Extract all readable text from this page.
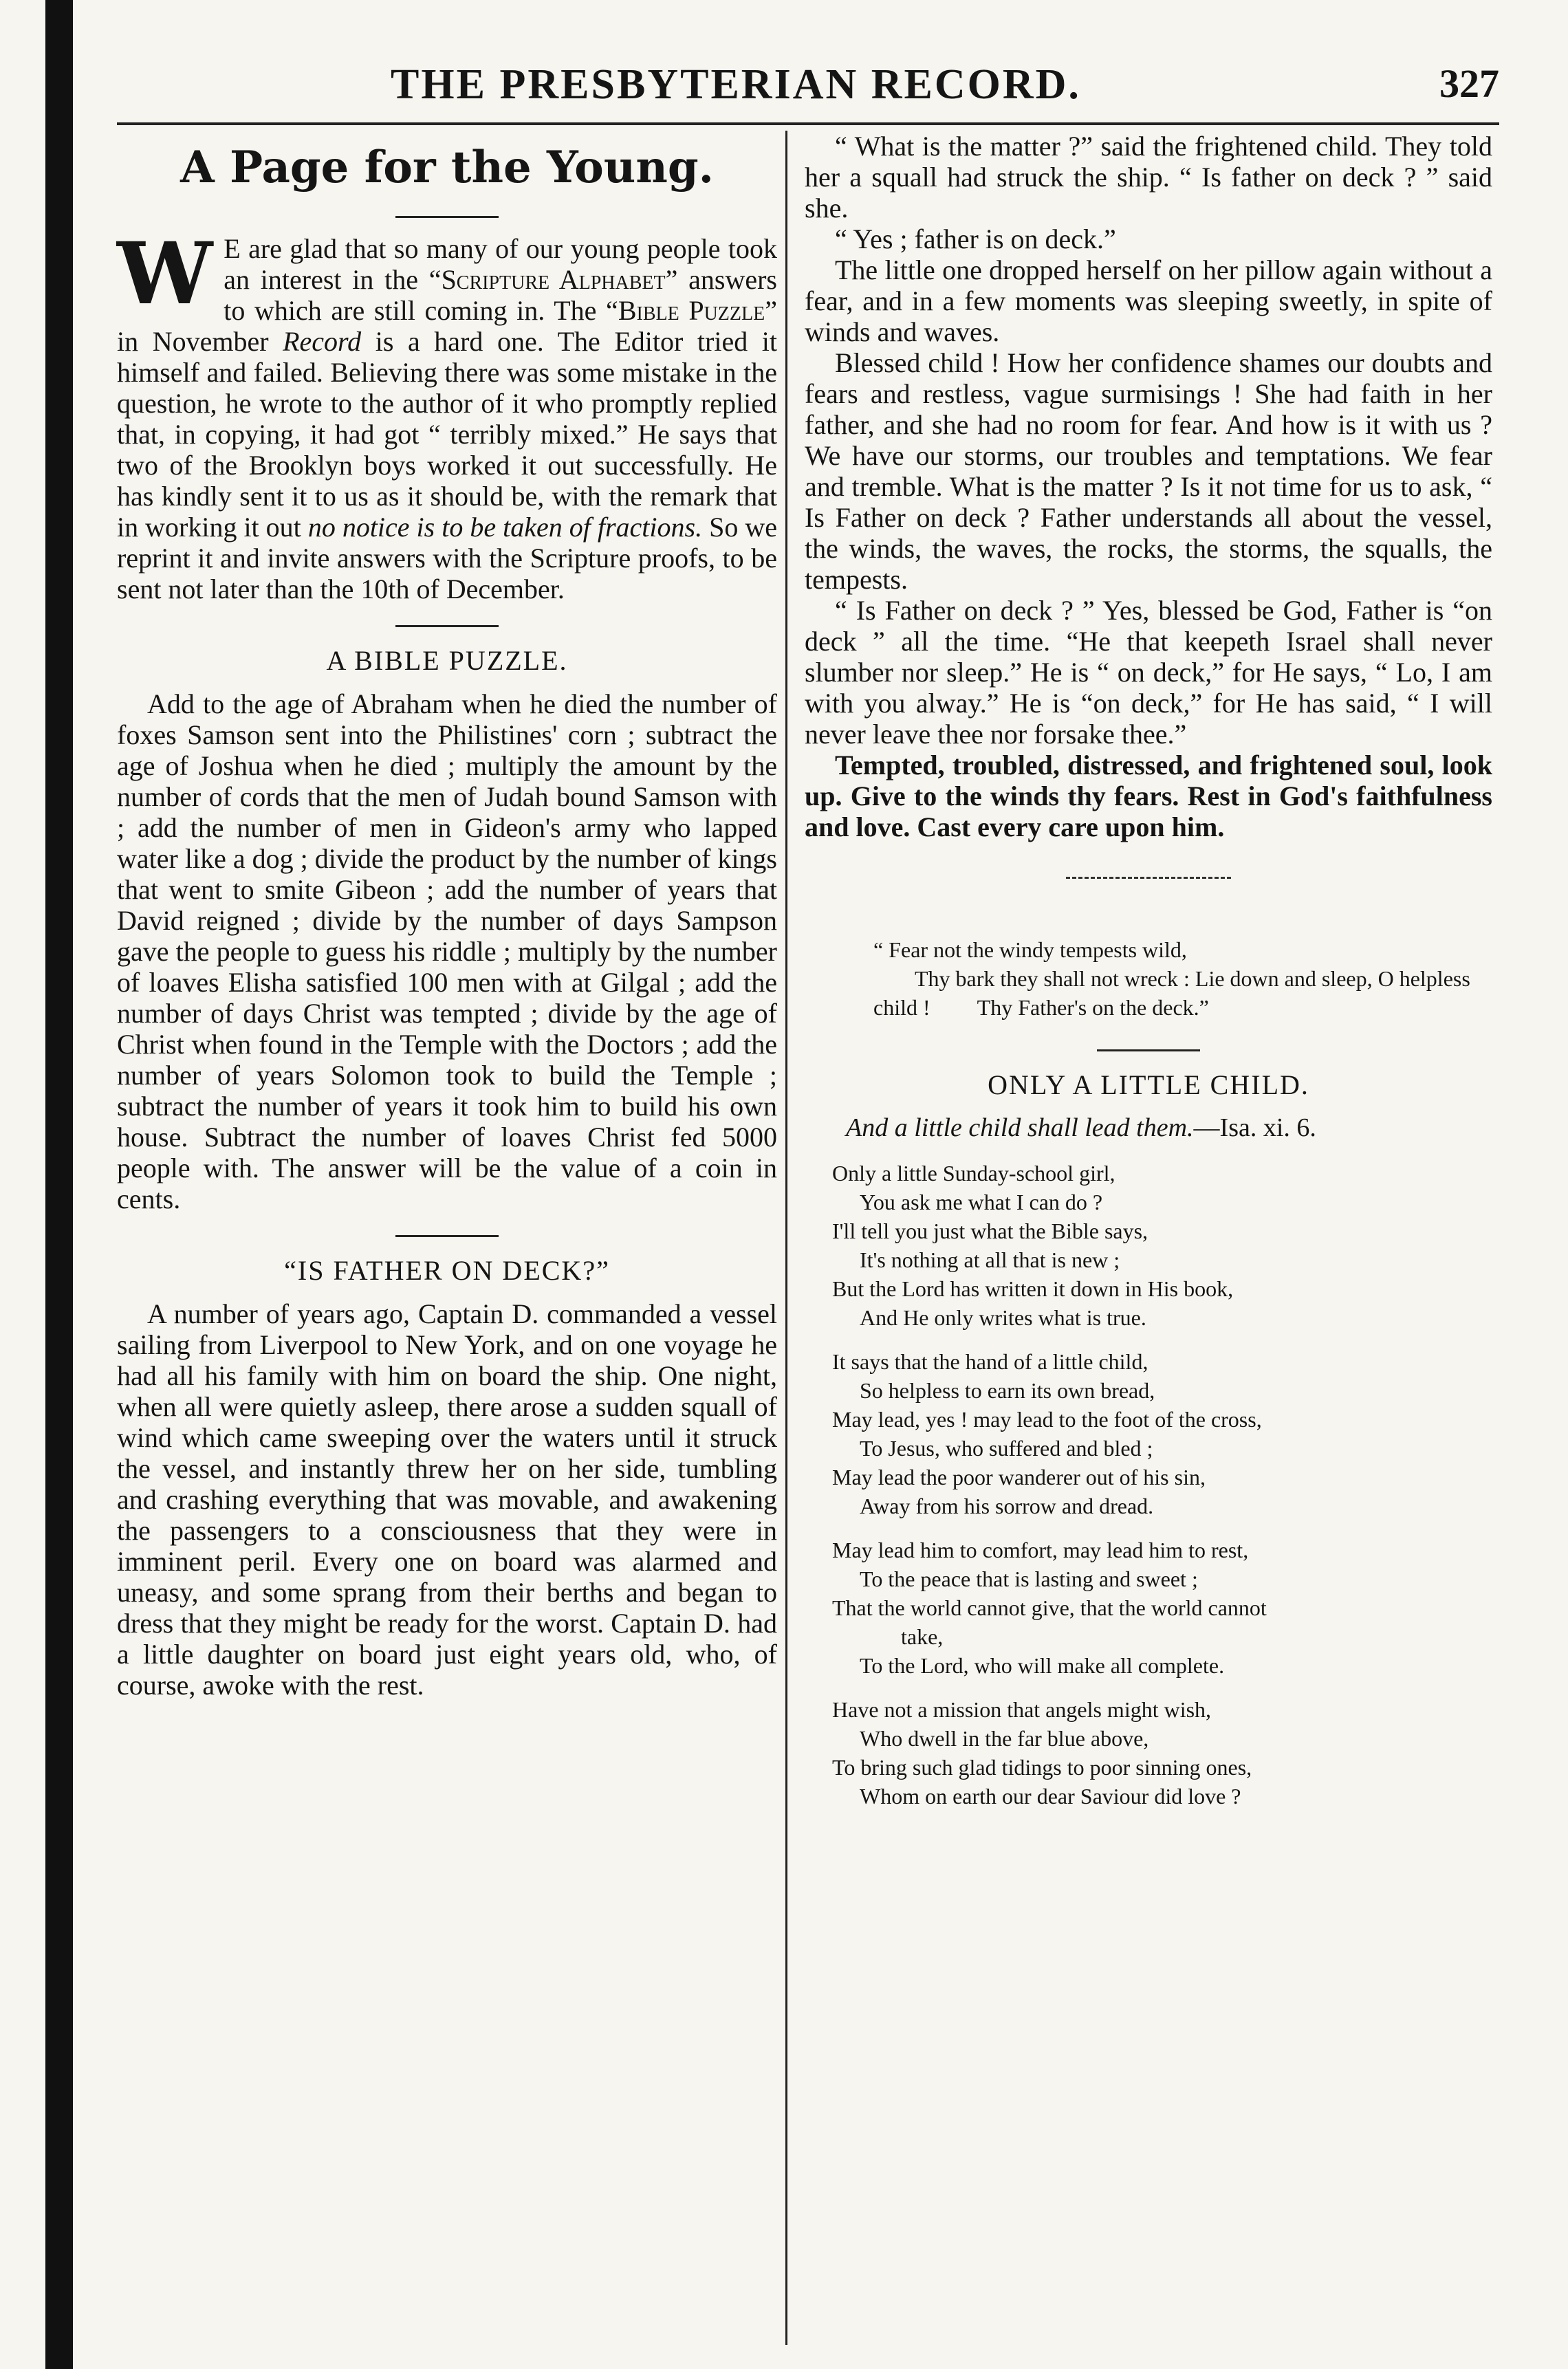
THE PRESBYTERIAN RECORD.	327
A Page for the Young.

W E are glad that so many of our young people took an interest in the “Scripture Alphabet” answers to which are still coming in. The “Bible Puzzle” in November Record is a hard one. The Editor tried it himself and failed. Believing there was some mistake in the question, he wrote to the author of it who promptly replied that, in copying, it had got “ terribly mixed.” He says that two of the Brooklyn boys worked it out successfully. He has kindly sent it to us as it should be, with the remark that in working it out no notice is to be taken of fractions. So we reprint it and invite answers with the Scripture proofs, to be sent not later than the 10th of December.

A BIBLE PUZZLE.

Add to the age of Abraham when he died the number of foxes Samson sent into the Philistines' corn ; subtract the age of Joshua when he died ; multiply the amount by the number of cords that the men of Judah bound Samson with ; add the number of men in Gideon's army who lapped water like a dog ; divide the product by the number of kings that went to smite Gibeon ; add the number of years that David reigned ; divide by the number of days Sampson gave the people to guess his riddle ; multiply by the number of loaves Elisha satisfied 100 men with at Gilgal ; add the number of days Christ was tempted ; divide by the age of Christ when found in the Temple with the Doctors ; add the number of years Solomon took to build the Temple ; subtract the number of years it took him to build his own house. Subtract the number of loaves Christ fed 5000 people with. The answer will be the value of a coin in cents.

“IS FATHER ON DECK?”

A number of years ago, Captain D. commanded a vessel sailing from Liverpool to New York, and on one voyage he had all his family with him on board the ship. One night, when all were quietly asleep, there arose a sudden squall of wind which came sweeping over the waters until it struck the vessel, and instantly threw her on her side, tumbling and crashing everything that was movable, and awakening the passengers to a consciousness that they were in imminent peril. Every one on board was alarmed and uneasy, and some sprang from their berths and began to dress that they might be ready for the worst. Captain D. had a little daughter on board just eight years old, who, of course, awoke with the rest.

“ What is the matter ?” said the frightened child. They told her a squall had struck the ship. “ Is father on deck ? ” said she.

“ Yes ; father is on deck.”

The little one dropped herself on her pillow again without a fear, and in a few moments was sleeping sweetly, in spite of winds and waves.

Blessed child ! How her confidence shames our doubts and fears and restless, vague surmisings ! She had faith in her father, and she had no room for fear. And how is it with us ? We have our storms, our troubles and temptations. We fear and tremble. What is the matter ? Is it not time for us to ask, “ Is Father on deck ? Father understands all about the vessel, the winds, the waves, the rocks, the storms, the squalls, the tempests.

“ Is Father on deck ? ” Yes, blessed be God, Father is “on deck ” all the time. “He that keepeth Israel shall never slumber nor sleep.” He is “ on deck,” for He says, “ Lo, I am with you alway.” He is “on deck,” for He has said, “ I will never leave thee nor forsake thee.”

Tempted, troubled, distressed, and frightened soul, look up. Give to the winds thy fears. Rest in God's faithfulness and love. Cast every care upon him.

“ Fear not the windy tempests wild,
Thy bark they shall not wreck : Lie down and sleep, O helpless child ! Thy Father's on the deck.”
ONLY A LITTLE CHILD.
And a little child shall lead them.—Isa. xi. 6.
Only a little Sunday-school girl,
You ask me what I can do ?
I'll tell you just what the Bible says,
It's nothing at all that is new ;
But the Lord has written it down in His book,
And He only writes what is true.
It says that the hand of a little child,
So helpless to earn its own bread,
May lead, yes ! may lead to the foot of the cross,
To Jesus, who suffered and bled ;
May lead the poor wanderer out of his sin,
Away from his sorrow and dread.
May lead him to comfort, may lead him to rest,
To the peace that is lasting and sweet ;
That the world cannot give, that the world cannot
take,
To the Lord, who will make all complete.
Have not a mission that angels might wish,
Who dwell in the far blue above,
To bring such glad tidings to poor sinning ones,
Whom on earth our dear Saviour did love ?
